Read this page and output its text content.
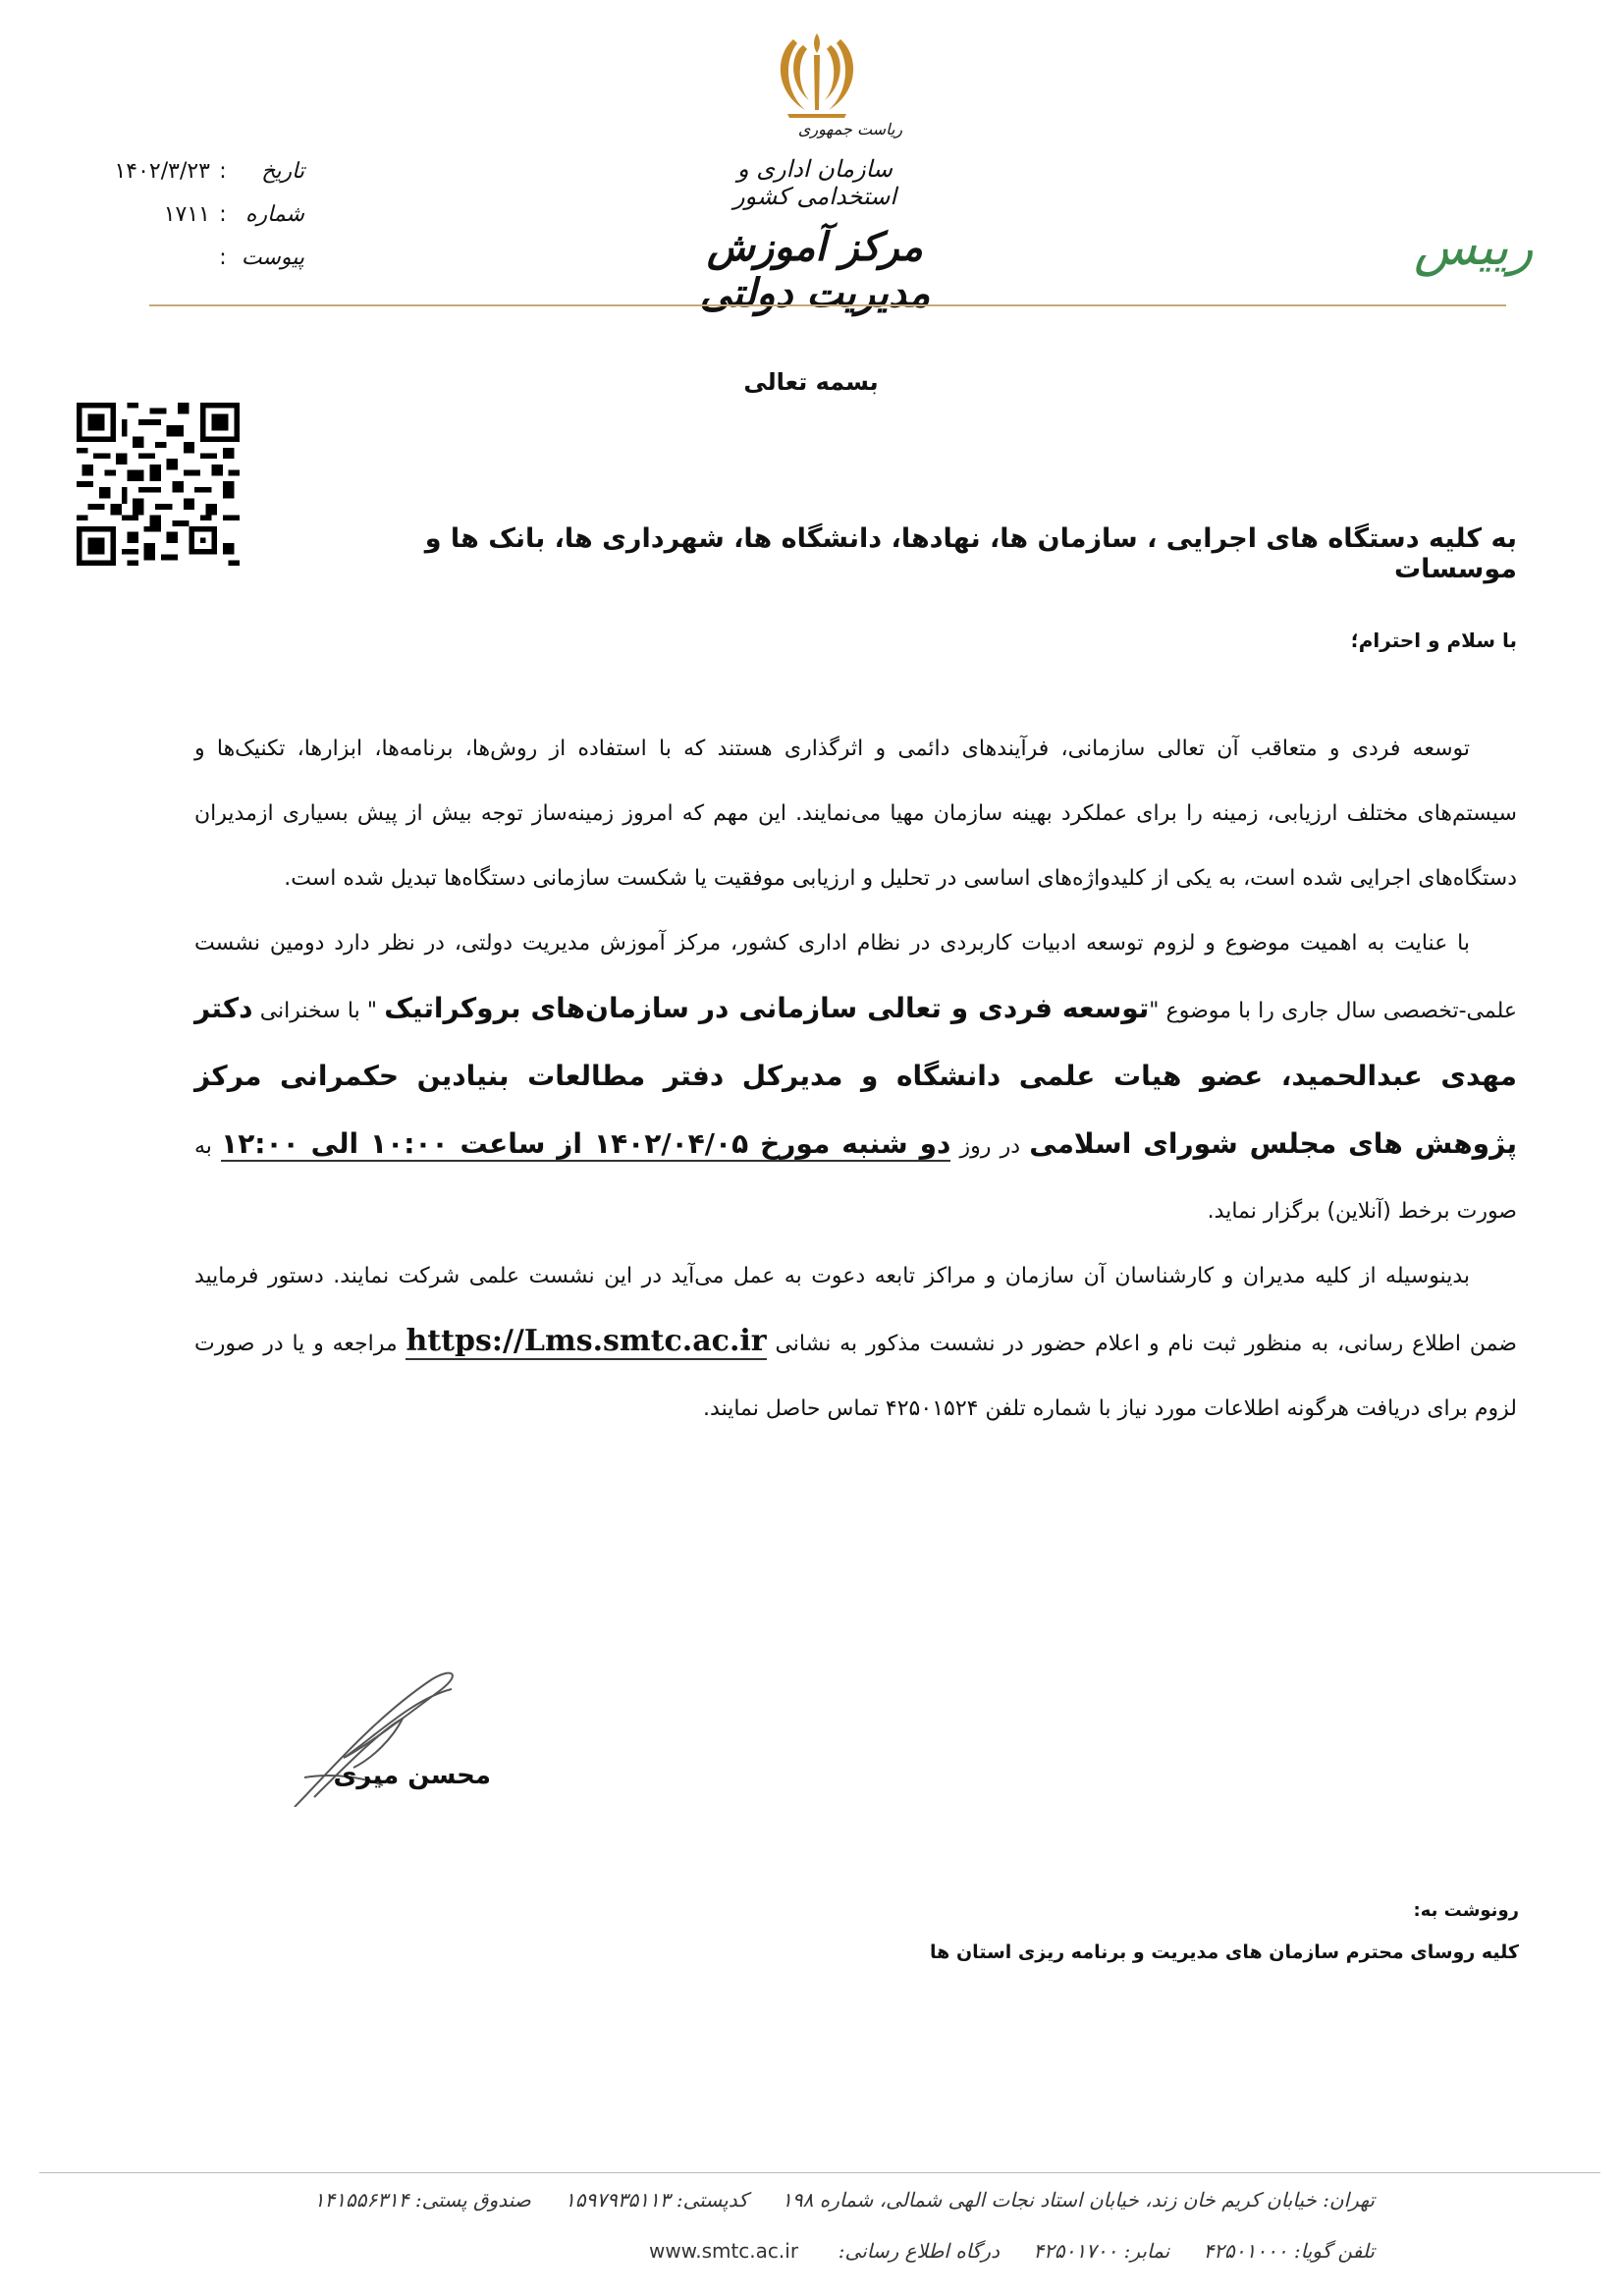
ریاست جمهوری
سازمان اداری و استخدامی کشور
مرکز آموزش مدیریت دولتی
رییس
تاریخ
:
۱۴۰۲/۳/۲۳
شماره
:
۱۷۱۱
پیوست
:
بسمه تعالی
به کلیه دستگاه های اجرایی ، سازمان ها، نهادها، دانشگاه ها، شهرداری ها، بانک ها و موسسات
با سلام و احترام؛

توسعه فردی و متعاقب آن تعالی سازمانی، فرآیندهای دائمی و اثرگذاری هستند که با استفاده از روش‌ها، برنامه‌ها، ابزارها، تکنیک‌ها و سیستم‌های مختلف ارزیابی، زمینه را برای عملکرد بهینه سازمان مهیا می‌نمایند. این مهم که امروز زمینه‌ساز توجه بیش از پیش بسیاری ازمدیران دستگاه‌های اجرایی شده است، به یکی از کلیدواژه‌های اساسی در تحلیل و ارزیابی موفقیت یا شکست سازمانی دستگاه‌ها تبدیل شده است.

با عنایت به اهمیت موضوع و لزوم توسعه ادبیات کاربردی در نظام اداری کشور، مرکز آموزش مدیریت دولتی، در نظر دارد دومین نشست علمی-تخصصی سال جاری را با موضوع "توسعه فردی و تعالی سازمانی در سازمان‌های بروکراتیک " با سخنرانی دکتر مهدی عبدالحمید، عضو هیات علمی دانشگاه و مدیرکل دفتر مطالعات بنیادین حکمرانی مرکز پژوهش های مجلس شورای اسلامی در روز دو شنبه مورخ ۱۴۰۲/۰۴/۰۵ از ساعت ۱۰:۰۰ الی ۱۲:۰۰ به صورت برخط (آنلاین) برگزار نماید.

بدینوسیله از کلیه مدیران و کارشناسان آن سازمان و مراکز تابعه دعوت به عمل می‌آید در این نشست علمی شرکت نمایند. دستور فرمایید ضمن اطلاع رسانی، به منظور ثبت نام و اعلام حضور در نشست مذکور به نشانی https://Lms.smtc.ac.ir مراجعه و یا در صورت لزوم برای دریافت هرگونه اطلاعات مورد نیاز با شماره تلفن ۴۲۵۰۱۵۲۴ تماس حاصل نمایند.

محسن میری
رونوشت به:
کلیه روسای محترم سازمان های مدیریت و برنامه ریزی استان ها
تهران: خیابان کریم خان زند، خیابان استاد نجات الهی شمالی، شماره ۱۹۸ کدپستی: ۱۵۹۷۹۳۵۱۱۳ صندوق پستی: ۱۴۱۵۵۶۳۱۴
تلفن گویا: ۴۲۵۰۱۰۰۰ نمابر: ۴۲۵۰۱۷۰۰ درگاه اطلاع رسانی:  www.smtc.ac.ir
